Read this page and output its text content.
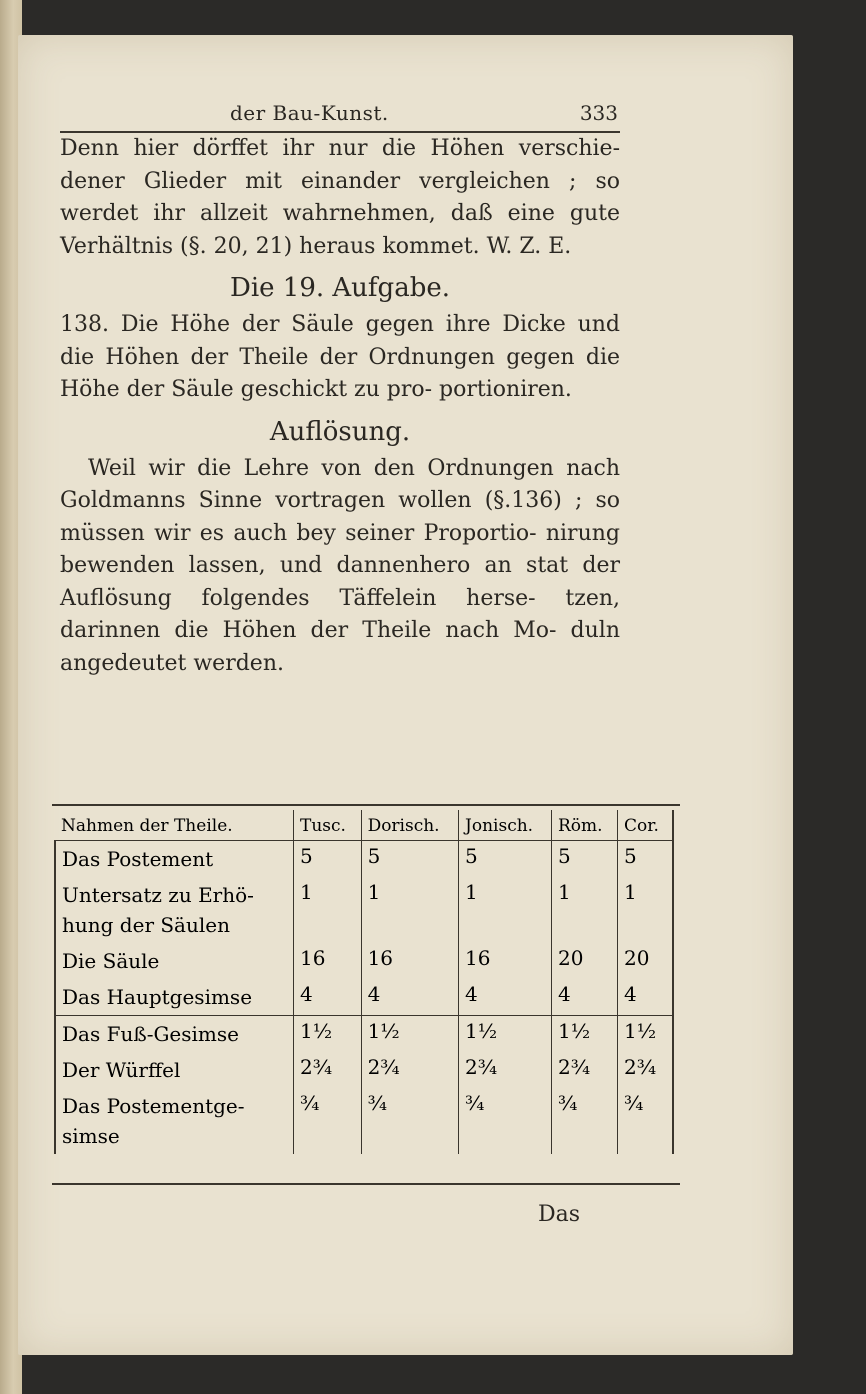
der Bau-Kunst.	333

Denn hier dörffet ihr nur die Höhen verschie- dener Glieder mit einander vergleichen ; so werdet ihr allzeit wahrnehmen, daß eine gute Verhältnis (§. 20, 21) heraus kommet. W. Z. E.

Die 19. Aufgabe.

138. Die Höhe der Säule gegen ihre Dicke und die Höhen der Theile der Ordnungen gegen die Höhe der Säule geschickt zu pro- portioniren.

Auflösung.

Weil wir die Lehre von den Ordnungen nach Goldmanns Sinne vortragen wollen (§.136) ; so müssen wir es auch bey seiner Proportio- nirung bewenden lassen, und dannenhero an stat der Auflösung folgendes Täffelein herse- tzen, darinnen die Höhen der Theile nach Mo- duln angedeutet werden.

Nahmen der Theile.	Tusc.	Dorisch.	Jonisch.	Röm.	Cor.
Das Postement	5	5	5	5	5
Untersatz zu Erhö- hung der Säulen	1	1	1	1	1
Die Säule	16	16	16	20	20
Das Hauptgesimse	4	4	4	4	4
Das Fuß-Gesimse	1½	1½	1½	1½	1½
Der Würffel	2¾	2¾	2¾	2¾	2¾
Das Postementge- simse	¾	¾	¾	¾	¾
Das
